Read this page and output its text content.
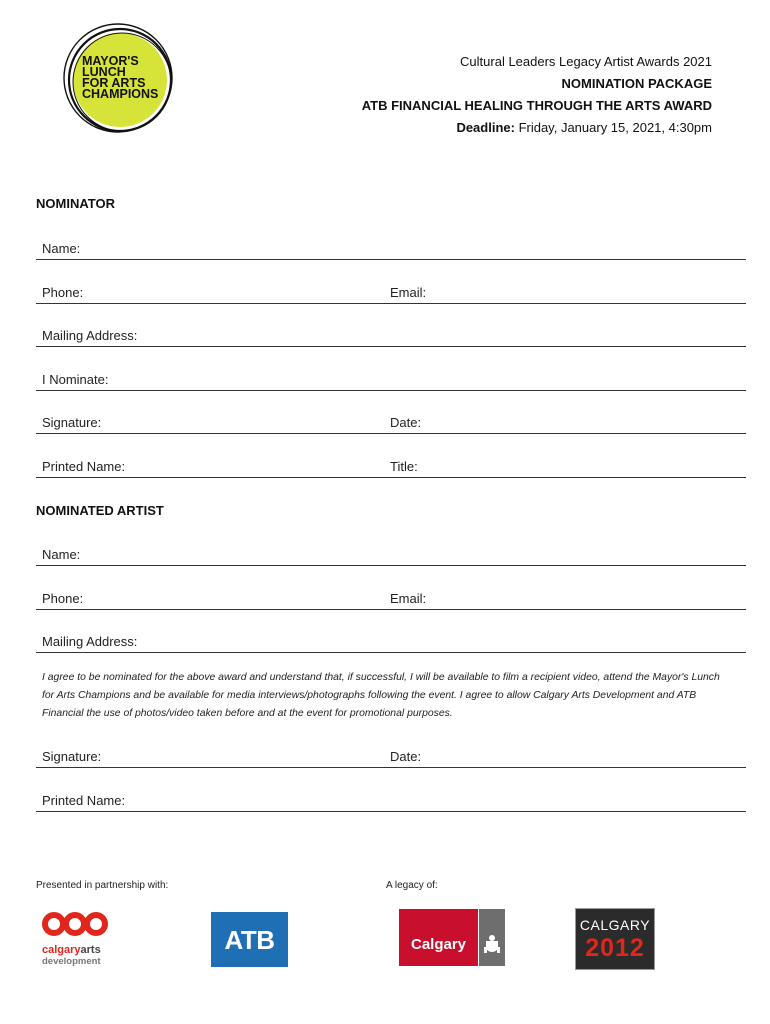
MAYOR'S
LUNCH
FOR ARTS
CHAMPIONS
Cultural Leaders Legacy Artist Awards 2021
NOMINATION PACKAGE
ATB FINANCIAL HEALING THROUGH THE ARTS AWARD
Deadline: Friday, January 15, 2021, 4:30pm
NOMINATOR
Name:
Phone:	Email:
Mailing Address:
I Nominate:
Signature:	Date:
Printed Name:	Title:
NOMINATED ARTIST
Name:
Phone:	Email:
Mailing Address:
I agree to be nominated for the above award and understand that, if successful, I will be available to film a recipient video, attend the Mayor's Lunch for Arts Champions and be available for media interviews/photographs following the event. I agree to allow Calgary Arts Development and ATB Financial the use of photos/video taken before and at the event for promotional purposes.
Signature:	Date:
Printed Name:
Presented in partnership with:	A legacy of:
calgaryarts
development
ATB	Calgary
CALGARY
2012
